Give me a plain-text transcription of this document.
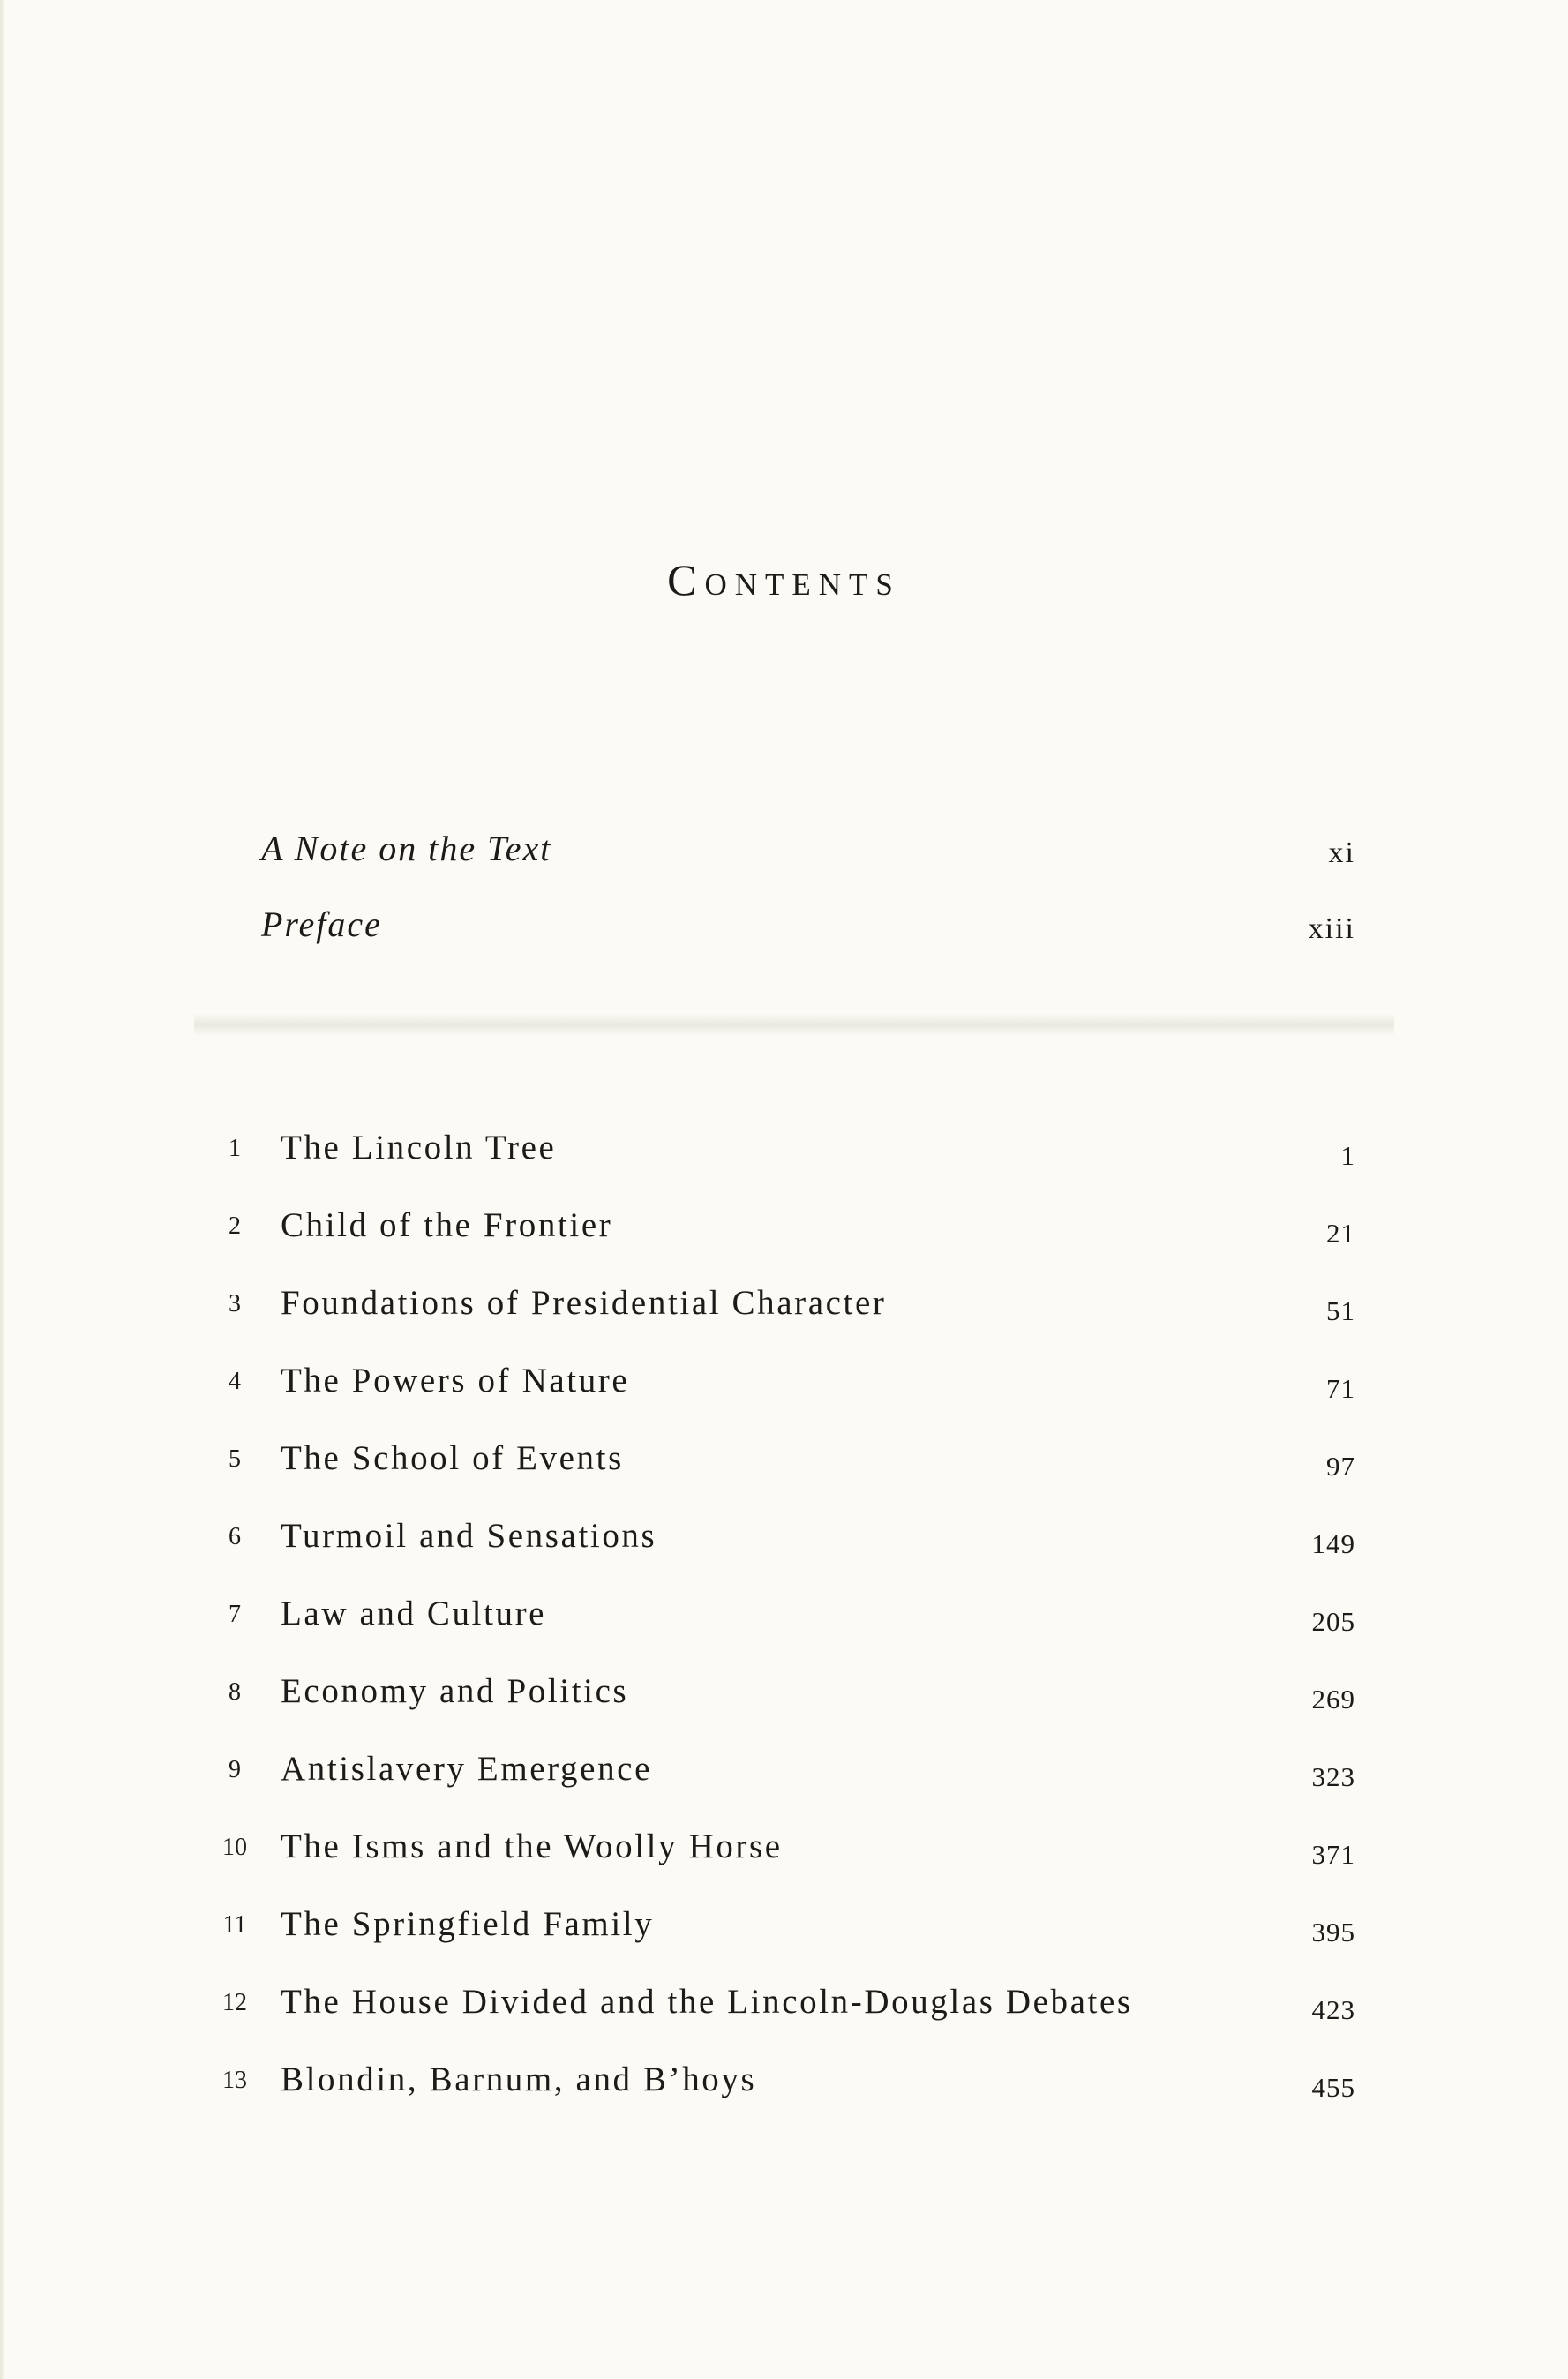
Contents
A Note on the Text	xi
Preface	xiii
1	The Lincoln Tree	1
2	Child of the Frontier	21
3	Foundations of Presidential Character	51
4	The Powers of Nature	71
5	The School of Events	97
6	Turmoil and Sensations	149
7	Law and Culture	205
8	Economy and Politics	269
9	Antislavery Emergence	323
10 The Isms and the Woolly Horse	371
11 The Springfield Family	395
12 The House Divided and the Lincoln-Douglas Debates	423
13 Blondin, Barnum, and B’hoys	455
